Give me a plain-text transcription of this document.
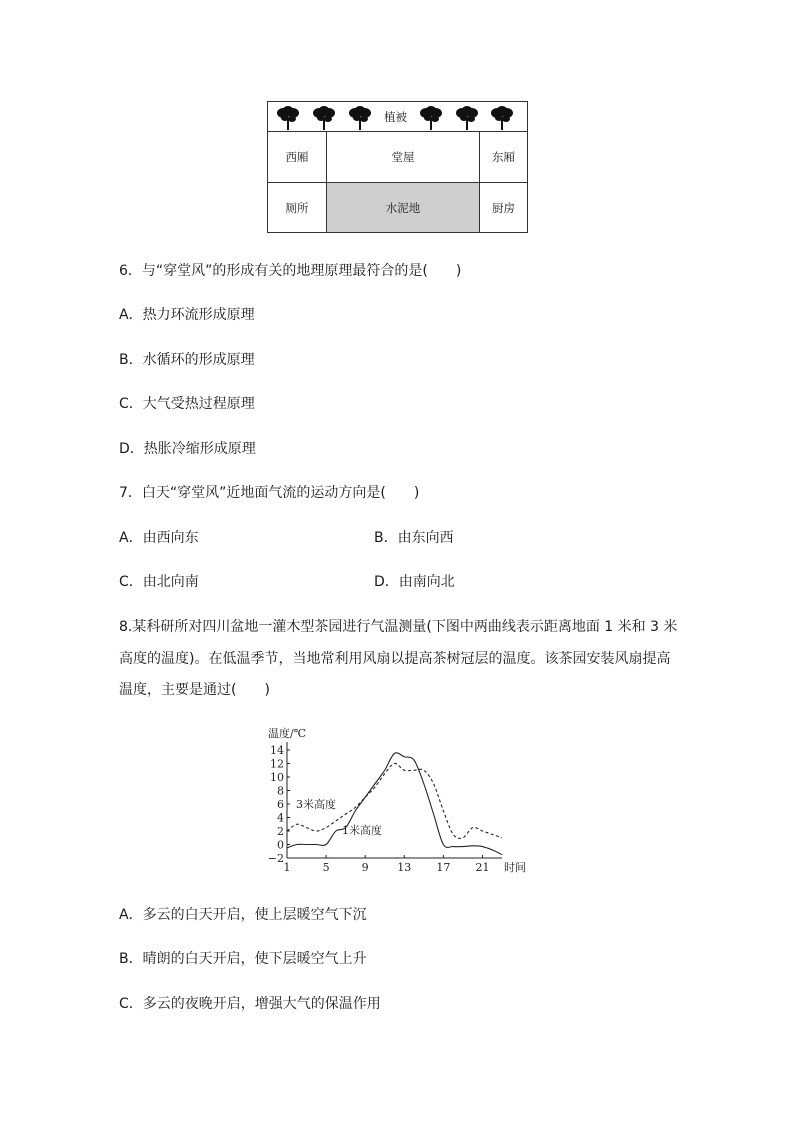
植被
西厢	堂屋	东厢
厕所	水泥地	厨房
6．与“穿堂风”的形成有关的地理原理最符合的是(　　)
A．热力环流形成原理
B．水循环的形成原理
C．大气受热过程原理
D．热胀冷缩形成原理
7．白天“穿堂风”近地面气流的运动方向是(　　)
A．由西向东	B．由东向西
C．由北向南	D．由南向北
8.某科研所对四川盆地一灌木型茶园进行气温测量(下图中两曲线表示距离地面 1 米和 3 米
高度的温度)。在低温季节，当地常利用风扇以提高茶树冠层的温度。该茶园安装风扇提高
温度，主要是通过(　　)
温度/℃
时间
14
12
10
8
6
4
2
0
−2
1	5	9	13 17 21
3米高度
1米高度
A．多云的白天开启，使上层暖空气下沉
B．晴朗的白天开启，使下层暖空气上升
C．多云的夜晚开启，增强大气的保温作用
